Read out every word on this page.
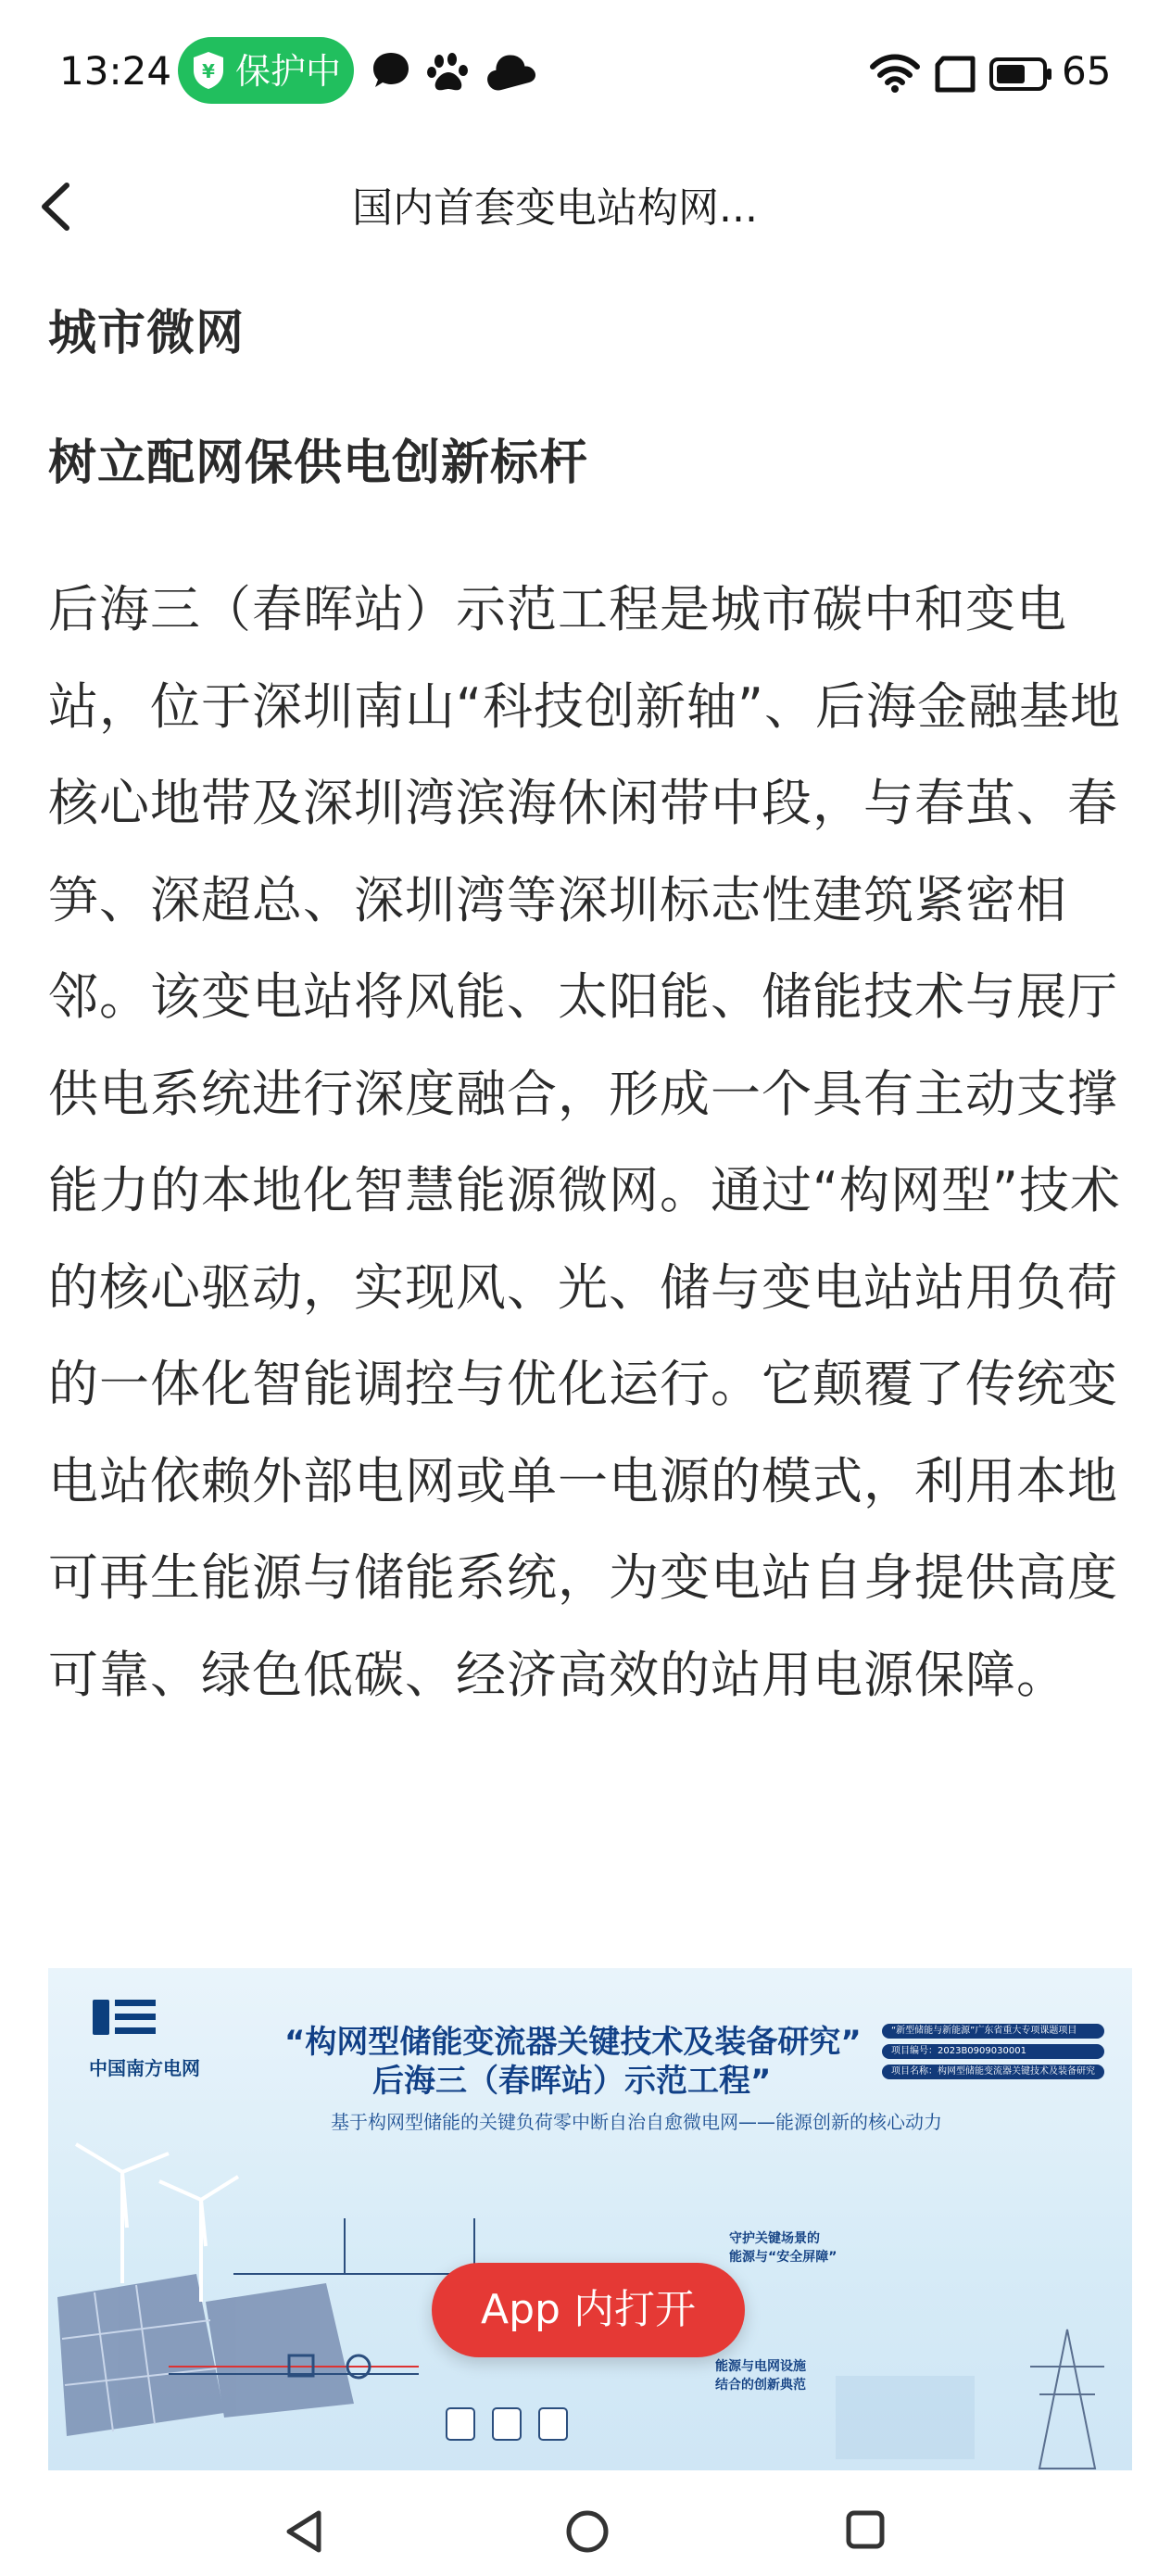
13:24 ¥ 保护中	65
国内首套变电站构网...
城市微网
树立配网保供电创新标杆

后海三（春晖站）示范工程是城市碳中和变电站，位于深圳南山“科技创新轴”、后海金融基地核心地带及深圳湾滨海休闲带中段，与春茧、春笋、深超总、深圳湾等深圳标志性建筑紧密相邻。该变电站将风能、太阳能、储能技术与展厅供电系统进行深度融合，形成一个具有主动支撑能力的本地化智慧能源微网。通过“构网型”技术的核心驱动，实现风、光、储与变电站站用负荷的一体化智能调控与优化运行。它颠覆了传统变电站依赖外部电网或单一电源的模式，利用本地可再生能源与储能系统，为变电站自身提供高度可靠、绿色低碳、经济高效的站用电源保障。

中国南方电网
“构网型储能变流器关键技术及装备研究”
后海三（春晖站）示范工程”
基于构网型储能的关键负荷零中断自治自愈微电网——能源创新的核心动力
“新型储能与新能源”广东省重大专项课题项目
项目编号：2023B0909030001
项目名称：构网型储能变流器关键技术及装备研究
守护关键场景的
能源与“安全屏障”
能源与电网设施
结合的创新典范
App 内打开
